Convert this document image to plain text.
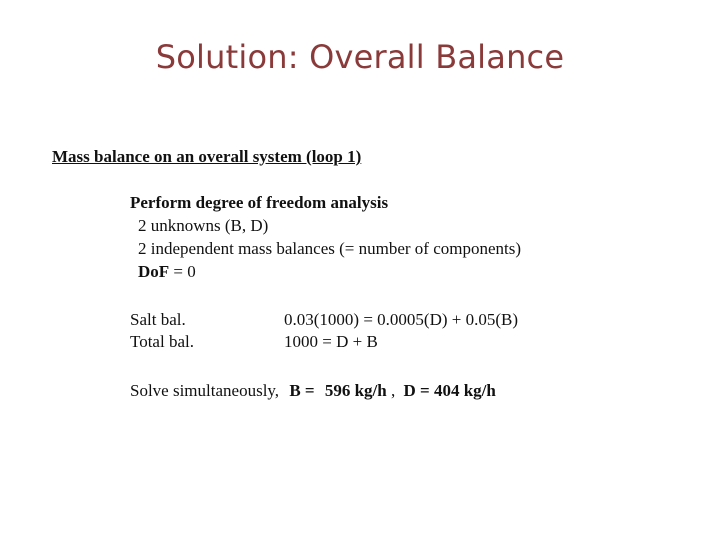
Solution: Overall Balance
Mass balance on an overall system (loop 1)
Perform degree of freedom analysis
2 unknowns (B, D)
2 independent mass balances (= number of components)
DoF = 0
Salt bal.	0.03(1000) = 0.0005(D) + 0.05(B)
Total bal.	1000 = D + B
Solve simultaneously, B = 596 kg/h , D = 404 kg/h
